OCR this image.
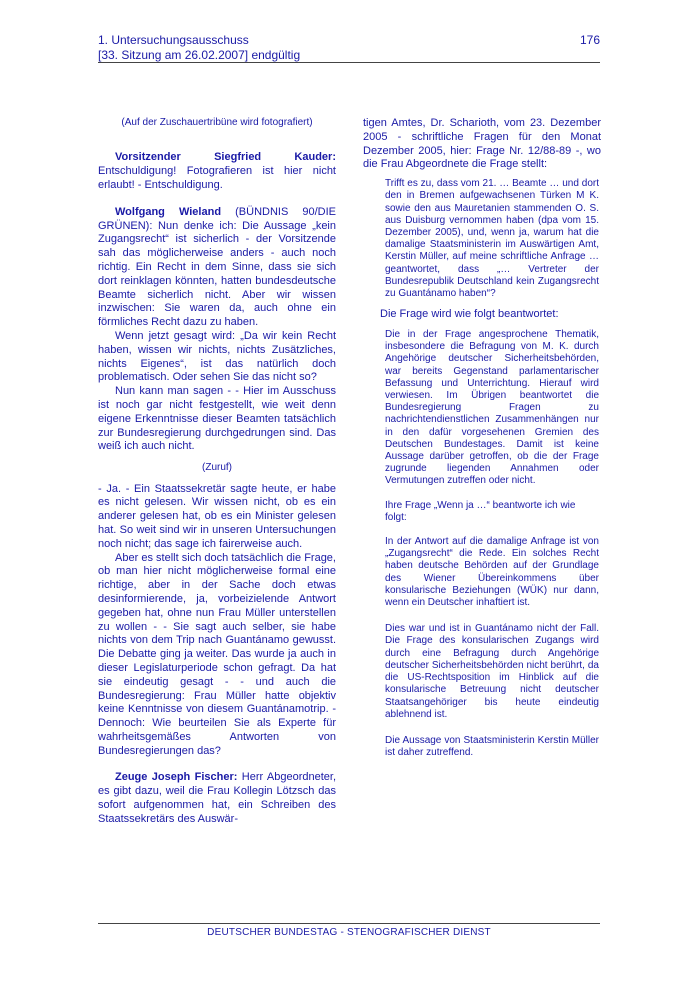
1. Untersuchungsausschuss
[33. Sitzung am 26.02.2007] endgültig
176

(Auf der Zuschauertribüne wird fotografiert)

Vorsitzender Siegfried Kauder: Entschuldigung! Fotografieren ist hier nicht erlaubt! - Entschuldigung.

Wolfgang Wieland (BÜNDNIS 90/DIE GRÜNEN): Nun denke ich: Die Aussage „kein Zugangsrecht“ ist sicherlich - der Vorsitzende sah das möglicherweise anders - auch noch richtig. Ein Recht in dem Sinne, dass sie sich dort reinklagen könnten, hatten bundesdeutsche Beamte sicherlich nicht. Aber wir wissen inzwischen: Sie waren da, auch ohne ein förmliches Recht dazu zu haben.

Wenn jetzt gesagt wird: „Da wir kein Recht haben, wissen wir nichts, nichts Zusätzliches, nichts Eigenes“, ist das natürlich doch problematisch. Oder sehen Sie das nicht so?

Nun kann man sagen - - Hier im Ausschuss ist noch gar nicht festgestellt, wie weit denn eigene Erkenntnisse dieser Beamten tatsächlich zur Bundesregierung durchgedrungen sind. Das weiß ich auch nicht.

(Zuruf)

- Ja. - Ein Staatssekretär sagte heute, er habe es nicht gelesen. Wir wissen nicht, ob es ein anderer gelesen hat, ob es ein Minister gelesen hat. So weit sind wir in unseren Untersuchungen noch nicht; das sage ich fairerweise auch.

Aber es stellt sich doch tatsächlich die Frage, ob man hier nicht möglicherweise formal eine richtige, aber in der Sache doch etwas desinformierende, ja, vorbeizielende Antwort gegeben hat, ohne nun Frau Müller unterstellen zu wollen - - Sie sagt auch selber, sie habe nichts von dem Trip nach Guantánamo gewusst. Die Debatte ging ja weiter. Das wurde ja auch in dieser Legislaturperiode schon gefragt. Da hat sie eindeutig gesagt - - und auch die Bundesregierung: Frau Müller hatte objektiv keine Kenntnisse von diesem Guantánamotrip. - Dennoch: Wie beurteilen Sie als Experte für wahrheitsgemäßes Antworten von Bundesregierungen das?

Zeuge Joseph Fischer: Herr Abgeordneter, es gibt dazu, weil die Frau Kollegin Lötzsch das sofort aufgenommen hat, ein Schreiben des Staatssekretärs des Auswär-

tigen Amtes, Dr. Scharioth, vom 23. Dezember 2005 - schriftliche Fragen für den Monat Dezember 2005, hier: Frage Nr. 12/88-89 -, wo die Frau Abgeordnete die Frage stellt:

Trifft es zu, dass vom 21. … Beamte … und dort den in Bremen aufgewachsenen Türken M K. sowie den aus Mauretanien stammenden O. S. aus Duisburg vernommen haben (dpa vom 15. Dezember 2005), und, wenn ja, warum hat die damalige Staatsministerin im Auswärtigen Amt, Kerstin Müller, auf meine schriftliche Anfrage … geantwortet, dass „… Vertreter der Bundesrepublik Deutschland kein Zugangsrecht zu Guantánamo haben“?

Die Frage wird wie folgt beantwortet:

Die in der Frage angesprochene Thematik, insbesondere die Befragung von M. K. durch Angehörige deutscher Sicherheitsbehörden, war bereits Gegenstand parlamentarischer Befassung und Unterrichtung. Hierauf wird verwiesen. Im Übrigen beantwortet die Bundesregierung Fragen zu nachrichtendienstlichen Zusammenhängen nur in den dafür vorgesehenen Gremien des Deutschen Bundestages. Damit ist keine Aussage darüber getroffen, ob die der Frage zugrunde liegenden Annahmen oder Vermutungen zutreffen oder nicht.

Ihre Frage „Wenn ja …“ beantworte ich wie folgt:

In der Antwort auf die damalige Anfrage ist von „Zugangsrecht“ die Rede. Ein solches Recht haben deutsche Behörden auf der Grundlage des Wiener Übereinkommens über konsularische Beziehungen (WÜK) nur dann, wenn ein Deutscher inhaftiert ist.

Dies war und ist in Guantánamo nicht der Fall. Die Frage des konsularischen Zugangs wird durch eine Befragung durch Angehörige deutscher Sicherheitsbehörden nicht berührt, da die US-Rechtsposition im Hinblick auf die konsularische Betreuung nicht deutscher Staatsangehöriger bis heute eindeutig ablehnend ist.

Die Aussage von Staatsministerin Kerstin Müller ist daher zutreffend.

DEUTSCHER BUNDESTAG - STENOGRAFISCHER DIENST
